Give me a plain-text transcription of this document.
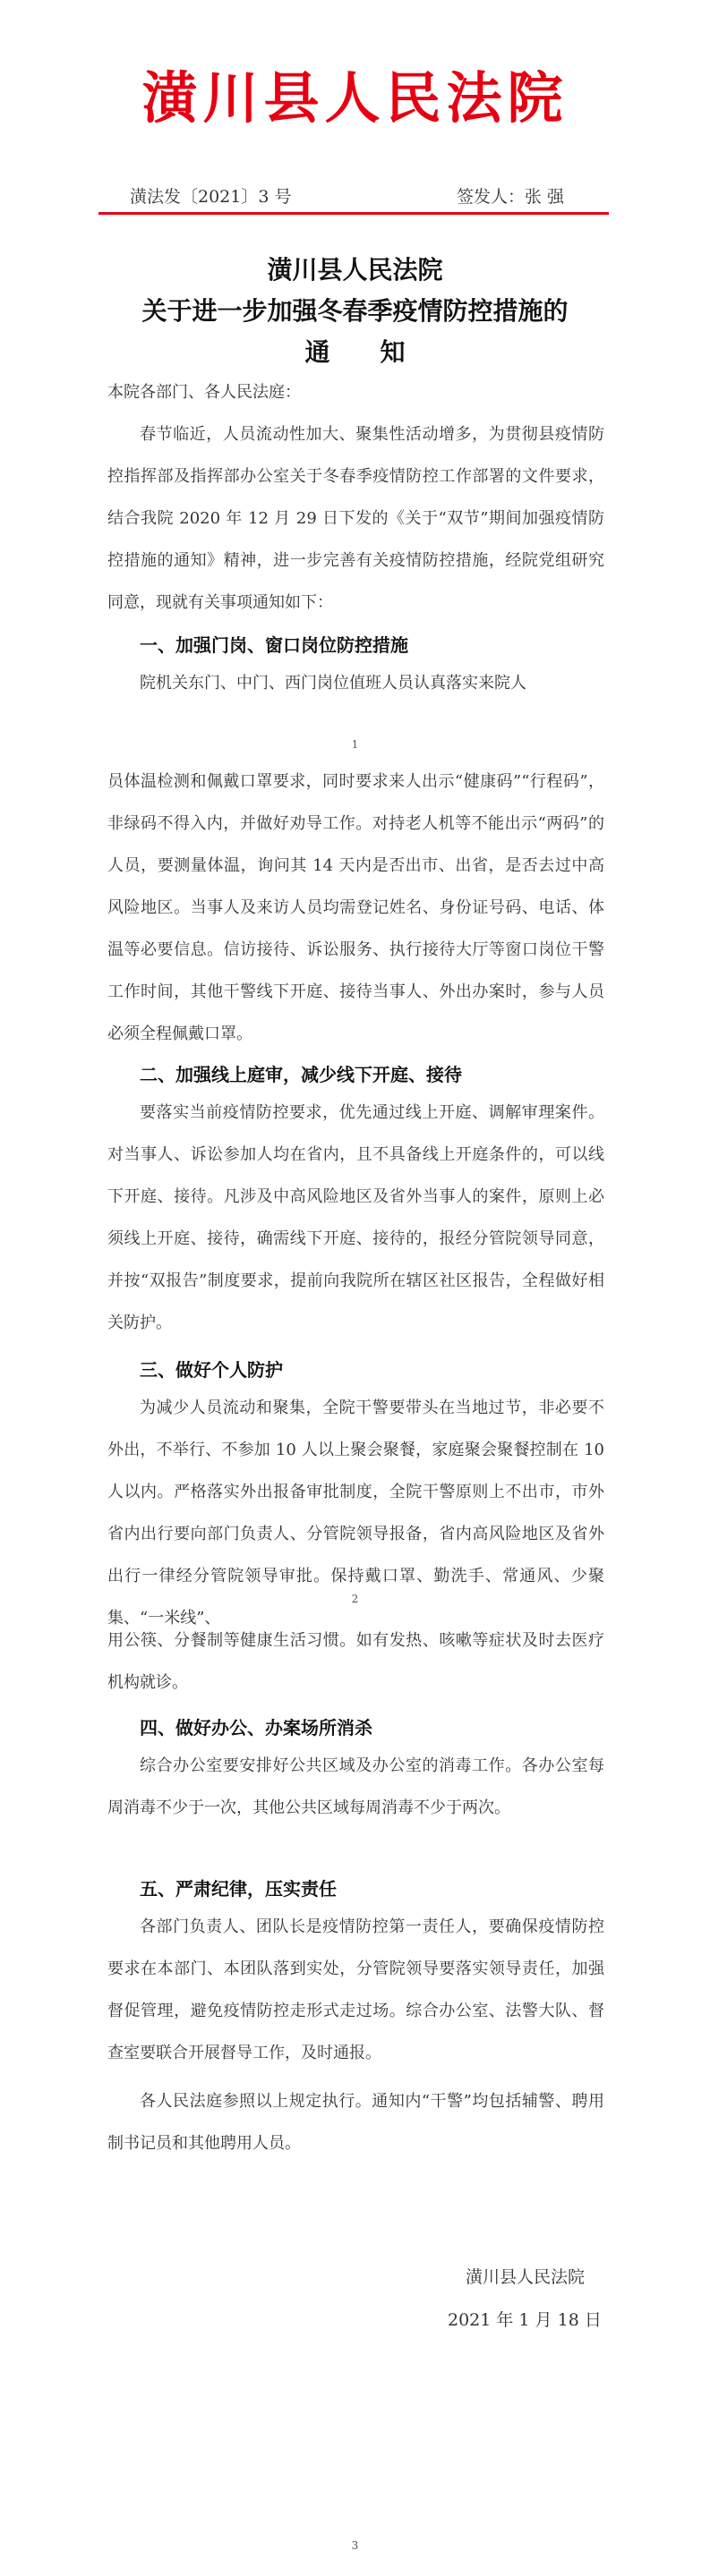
潢川县人民法院
潢法发〔2021〕3 号	签发人：张 强
潢川县人民法院
关于进一步加强冬春季疫情防控措施的
通　　知
本院各部门、各人民法庭：
春节临近，人员流动性加大、聚集性活动增多，为贯彻县疫情防控指挥部及指挥部办公室关于冬春季疫情防控工作部署的文件要求，结合我院 2020 年 12 月 29 日下发的《关于“双节”期间加强疫情防控措施的通知》精神，进一步完善有关疫情防控措施，经院党组研究同意，现就有关事项通知如下：
一、加强门岗、窗口岗位防控措施
院机关东门、中门、西门岗位值班人员认真落实来院人
1
员体温检测和佩戴口罩要求，同时要求来人出示“健康码”“行程码”，非绿码不得入内，并做好劝导工作。对持老人机等不能出示“两码”的人员，要测量体温，询问其 14 天内是否出市、出省，是否去过中高风险地区。当事人及来访人员均需登记姓名、身份证号码、电话、体温等必要信息。信访接待、诉讼服务、执行接待大厅等窗口岗位干警工作时间，其他干警线下开庭、接待当事人、外出办案时，参与人员必须全程佩戴口罩。
二、加强线上庭审，减少线下开庭、接待
要落实当前疫情防控要求，优先通过线上开庭、调解审理案件。对当事人、诉讼参加人均在省内，且不具备线上开庭条件的，可以线下开庭、接待。凡涉及中高风险地区及省外当事人的案件，原则上必须线上开庭、接待，确需线下开庭、接待的，报经分管院领导同意，并按“双报告”制度要求，提前向我院所在辖区社区报告，全程做好相关防护。
三、做好个人防护
为减少人员流动和聚集，全院干警要带头在当地过节，非必要不外出，不举行、不参加 10 人以上聚会聚餐，家庭聚会聚餐控制在 10 人以内。严格落实外出报备审批制度，全院干警原则上不出市，市外省内出行要向部门负责人、分管院领导报备，省内高风险地区及省外出行一律经分管院领导审批。保持戴口罩、勤洗手、常通风、少聚集、“一米线”、
2
用公筷、分餐制等健康生活习惯。如有发热、咳嗽等症状及时去医疗机构就诊。
四、做好办公、办案场所消杀
综合办公室要安排好公共区域及办公室的消毒工作。各办公室每周消毒不少于一次，其他公共区域每周消毒不少于两次。
五、严肃纪律，压实责任
各部门负责人、团队长是疫情防控第一责任人，要确保疫情防控要求在本部门、本团队落到实处，分管院领导要落实领导责任，加强督促管理，避免疫情防控走形式走过场。综合办公室、法警大队、督查室要联合开展督导工作，及时通报。
各人民法庭参照以上规定执行。通知内“干警”均包括辅警、聘用制书记员和其他聘用人员。
潢川县人民法院
2021 年 1 月 18 日
3
